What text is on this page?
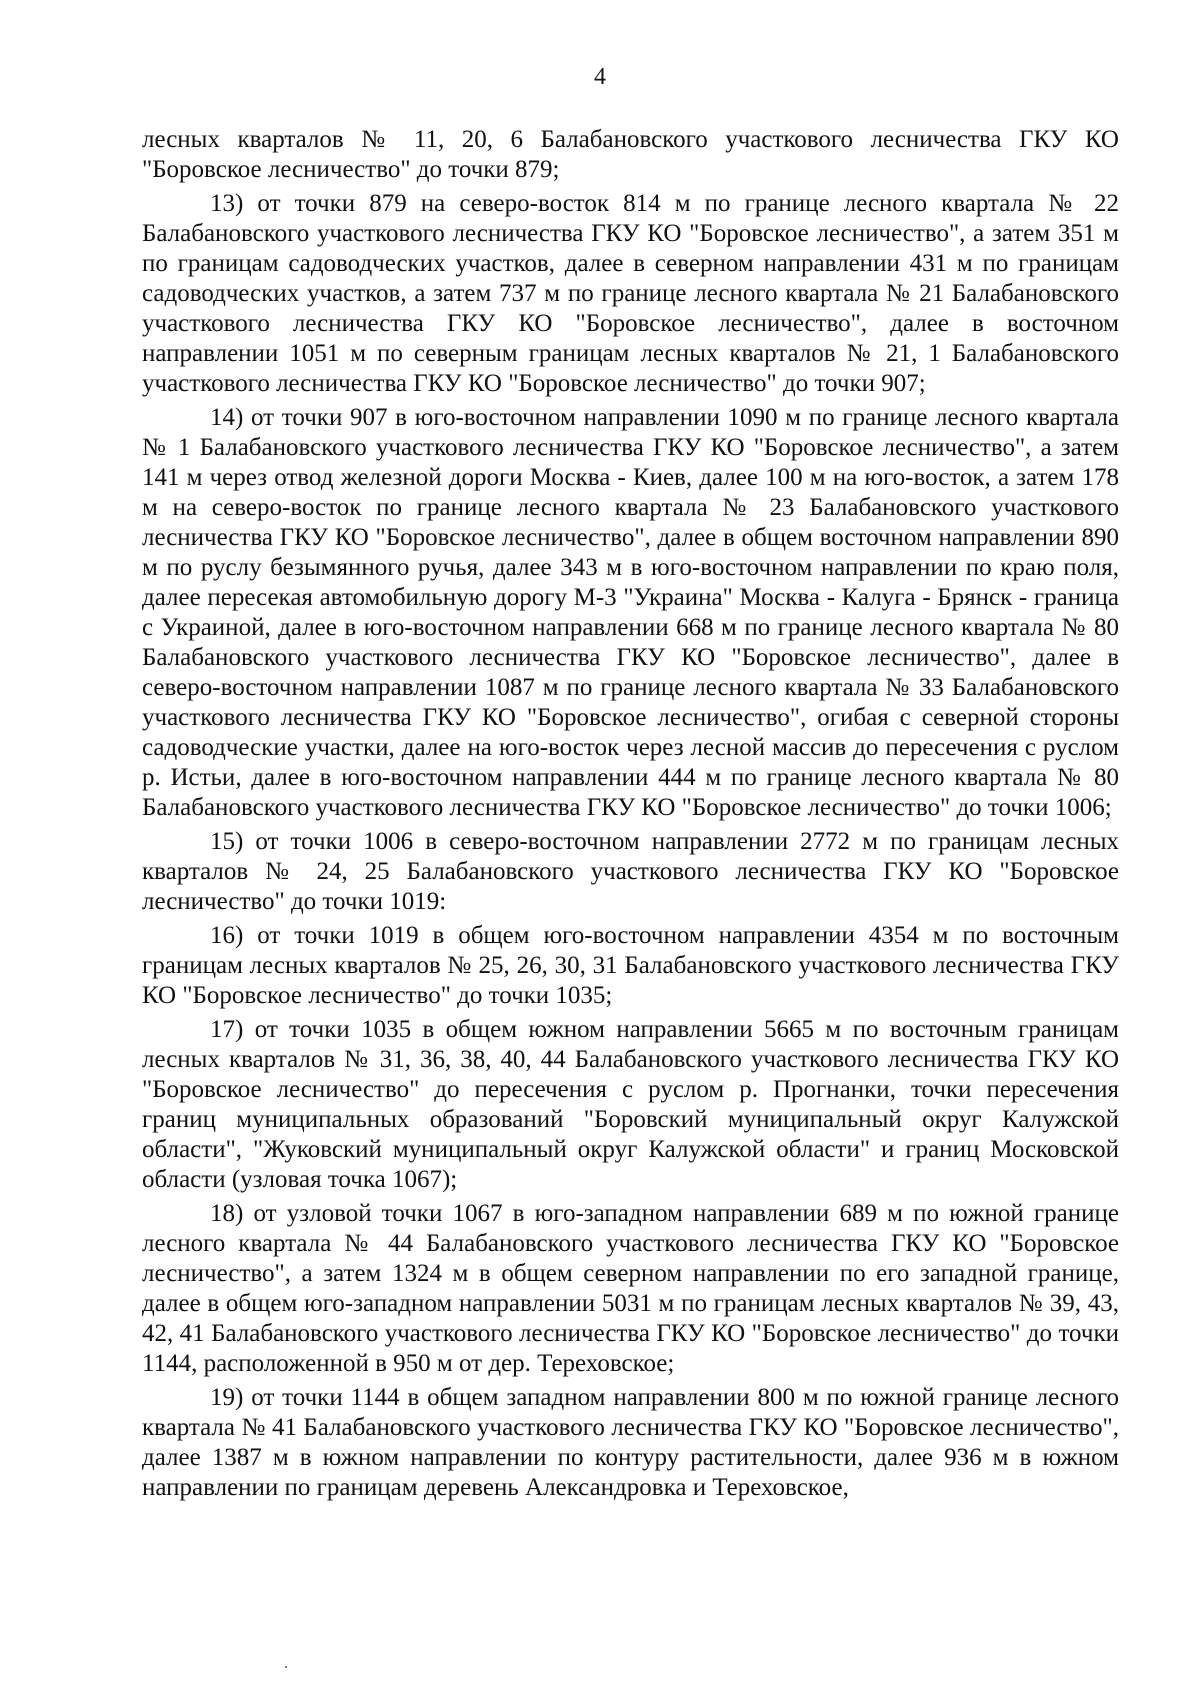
4

лесных кварталов № 11, 20, 6 Балабановского участкового лесничества ГКУ КО "Боровское лесничество" до точки 879;

13) от точки 879 на северо-восток 814 м по границе лесного квартала № 22 Балабановского участкового лесничества ГКУ КО "Боровское лесничество", а затем 351 м по границам садоводческих участков, далее в северном направлении 431 м по границам садоводческих участков, а затем 737 м по границе лесного квартала № 21 Балабановского участкового лесничества ГКУ КО "Боровское лесничество", далее в восточном направлении 1051 м по северным границам лесных кварталов № 21, 1 Балабановского участкового лесничества ГКУ КО "Боровское лесничество" до точки 907;

14) от точки 907 в юго-восточном направлении 1090 м по границе лесного квартала № 1 Балабановского участкового лесничества ГКУ КО "Боровское лесничество", а затем 141 м через отвод железной дороги Москва - Киев, далее 100 м на юго-восток, а затем 178 м на северо-восток по границе лесного квартала № 23 Балабановского участкового лесничества ГКУ КО "Боровское лесничество", далее в общем восточном направлении 890 м по руслу безымянного ручья, далее 343 м в юго-восточном направлении по краю поля, далее пересекая автомобильную дорогу М-3 "Украина" Москва - Калуга - Брянск - граница с Украиной, далее в юго-восточном направлении 668 м по границе лесного квартала № 80 Балабановского участкового лесничества ГКУ КО "Боровское лесничество", далее в северо-восточном направлении 1087 м по границе лесного квартала № 33 Балабановского участкового лесничества ГКУ КО "Боровское лесничество", огибая с северной стороны садоводческие участки, далее на юго-восток через лесной массив до пересечения с руслом р. Истьи, далее в юго-восточном направлении 444 м по границе лесного квартала № 80 Балабановского участкового лесничества ГКУ КО "Боровское лесничество" до точки 1006;

15) от точки 1006 в северо-восточном направлении 2772 м по границам лесных кварталов № 24, 25 Балабановского участкового лесничества ГКУ КО "Боровское лесничество" до точки 1019:

16) от точки 1019 в общем юго-восточном направлении 4354 м по восточным границам лесных кварталов № 25, 26, 30, 31 Балабановского участкового лесничества ГКУ КО "Боровское лесничество" до точки 1035;

17) от точки 1035 в общем южном направлении 5665 м по восточным границам лесных кварталов № 31, 36, 38, 40, 44 Балабановского участкового лесничества ГКУ КО "Боровское лесничество" до пересечения с руслом р. Прогнанки, точки пересечения границ муниципальных образований "Боровский муниципальный округ Калужской области", "Жуковский муниципальный округ Калужской области" и границ Московской области (узловая точка 1067);

18) от узловой точки 1067 в юго-западном направлении 689 м по южной границе лесного квартала № 44 Балабановского участкового лесничества ГКУ КО "Боровское лесничество", а затем 1324 м в общем северном направлении по его западной границе, далее в общем юго-западном направлении 5031 м по границам лесных кварталов № 39, 43, 42, 41 Балабановского участкового лесничества ГКУ КО "Боровское лесничество" до точки 1144, расположенной в 950 м от дер. Тереховское;

19) от точки 1144 в общем западном направлении 800 м по южной границе лесного квартала № 41 Балабановского участкового лесничества ГКУ КО "Боровское лесничество", далее 1387 м в южном направлении по контуру растительности, далее 936 м в южном направлении по границам деревень Александровка и Тереховское,
